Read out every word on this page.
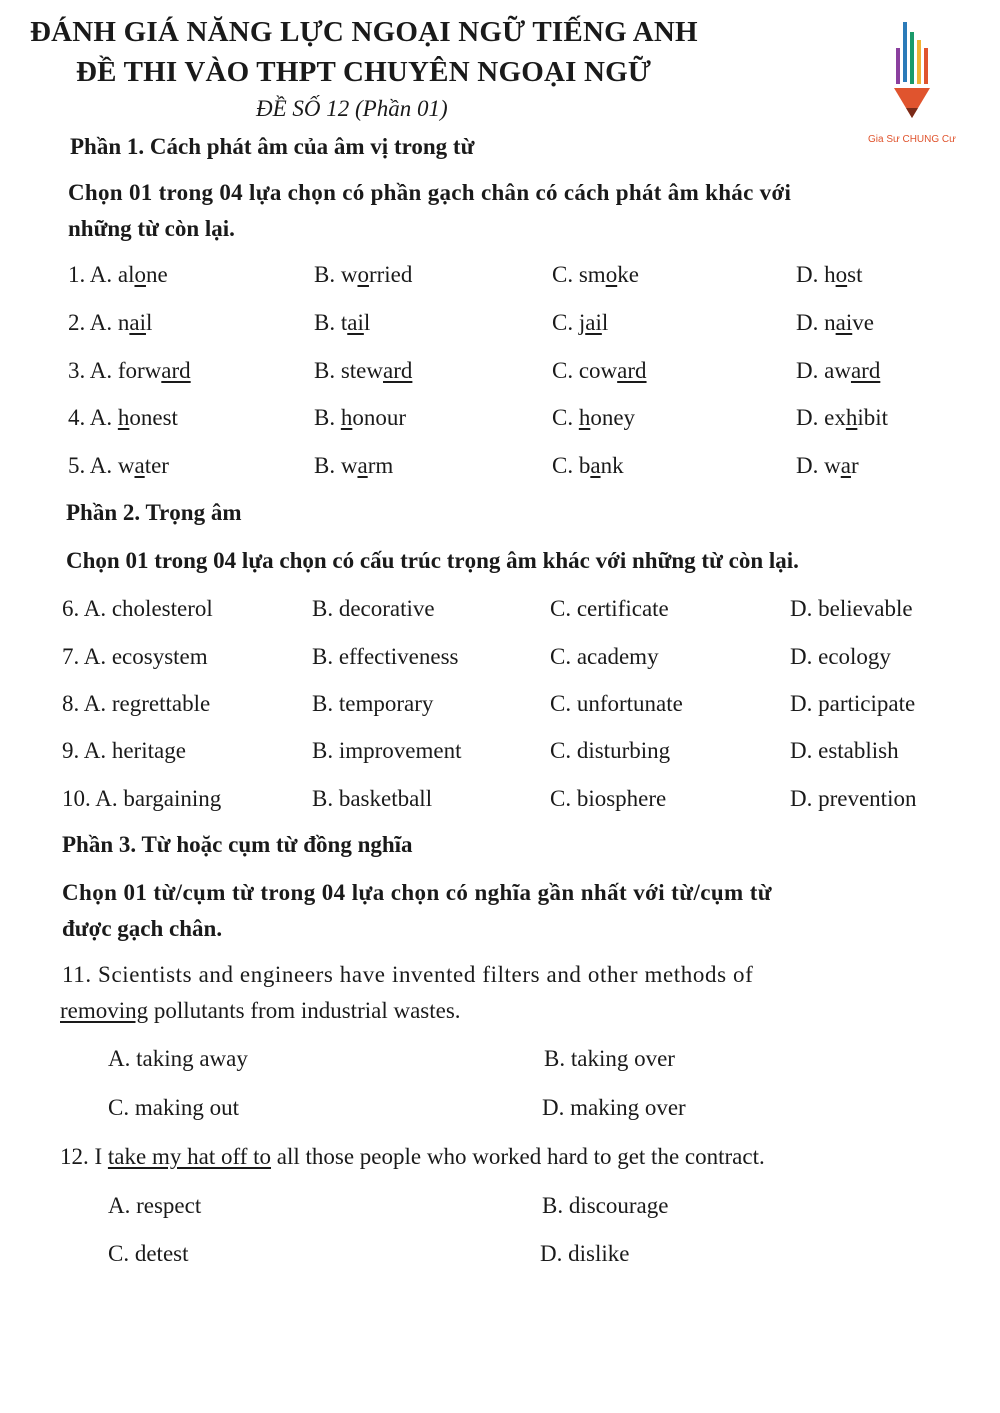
ĐÁNH GIÁ NĂNG LỰC NGOẠI NGỮ TIẾNG ANH
ĐỀ THI VÀO THPT CHUYÊN NGOẠI NGỮ
ĐỀ SỐ 12 (Phần 01)
Gia Sư CHUNG Cư
Phần 1. Cách phát âm của âm vị trong từ
Chọn 01 trong 04 lựa chọn có phần gạch chân có cách phát âm khác với
những từ còn lại.
1. A. alone	B. worried	C. smoke	D. host
2. A. nail	B. tail	C. jail	D. naive
3. A. forward	B. steward	C. coward	D. award
4. A. honest	B. honour	C. honey	D. exhibit
5. A. water	B. warm	C. bank	D. war
Phần 2. Trọng âm
Chọn 01 trong 04 lựa chọn có cấu trúc trọng âm khác với những từ còn lại.
6. A. cholesterol	B. decorative	C. certificate	D. believable
7. A. ecosystem	B. effectiveness	C. academy	D. ecology
8. A. regrettable	B. temporary	C. unfortunate	D. participate
9. A. heritage	B. improvement	C. disturbing	D. establish
10. A. bargaining	B. basketball	C. biosphere	D. prevention
Phần 3. Từ hoặc cụm từ đồng nghĩa
Chọn 01 từ/cụm từ trong 04 lựa chọn có nghĩa gần nhất với từ/cụm từ
được gạch chân.
11. Scientists and engineers have invented filters and other methods of
removing pollutants from industrial wastes.
A. taking away	B. taking over
C. making out	D. making over
12. I take my hat off to all those people who worked hard to get the contract.
A. respect	B. discourage
C. detest	D. dislike
